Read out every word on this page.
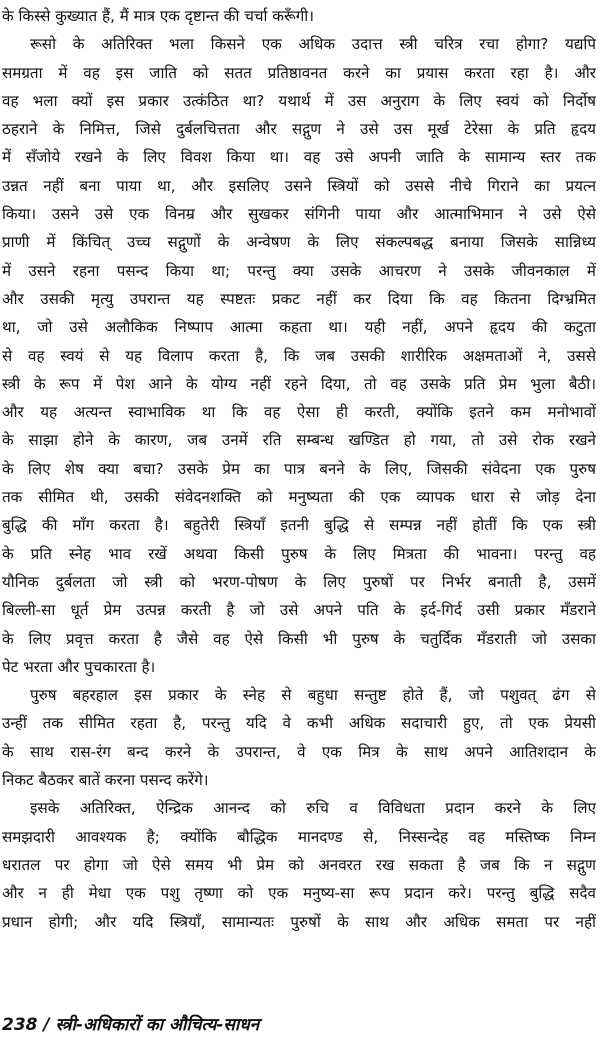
के किस्से कुख्यात हैं, मैं मात्र एक दृष्टान्त की चर्चा करूँगी।
रूसो के अतिरिक्त भला किसने एक अधिक उदात्त स्त्री चरित्र रचा होगा? यद्यपि
समग्रता में वह इस जाति को सतत प्रतिष्ठावनत करने का प्रयास करता रहा है। और
वह भला क्यों इस प्रकार उत्कंठित था? यथार्थ में उस अनुराग के लिए स्वयं को निर्दोष
ठहराने के निमित्त, जिसे दुर्बलचित्तता और सद्गुण ने उसे उस मूर्ख टेरेसा के प्रति हृदय
में सँजोये रखने के लिए विवश किया था। वह उसे अपनी जाति के सामान्य स्तर तक
उन्नत नहीं बना पाया था, और इसलिए उसने स्त्रियों को उससे नीचे गिराने का प्रयत्न
किया। उसने उसे एक विनम्र और सुखकर संगिनी पाया और आत्माभिमान ने उसे ऐसे
प्राणी में किंचित् उच्च सद्गुणों के अन्वेषण के लिए संकल्पबद्ध बनाया जिसके सान्निध्य
में उसने रहना पसन्द किया था; परन्तु क्या उसके आचरण ने उसके जीवनकाल में
और उसकी मृत्यु उपरान्त यह स्पष्टतः प्रकट नहीं कर दिया कि वह कितना दिग्भ्रमित
था, जो उसे अलौकिक निष्पाप आत्मा कहता था। यही नहीं, अपने हृदय की कटुता
से वह स्वयं से यह विलाप करता है, कि जब उसकी शारीरिक अक्षमताओं ने, उससे
स्त्री के रूप में पेश आने के योग्य नहीं रहने दिया, तो वह उसके प्रति प्रेम भुला बैठी।
और यह अत्यन्त स्वाभाविक था कि वह ऐसा ही करती, क्योंकि इतने कम मनोभावों
के साझा होने के कारण, जब उनमें रति सम्बन्ध खण्डित हो गया, तो उसे रोक रखने
के लिए शेष क्या बचा? उसके प्रेम का पात्र बनने के लिए, जिसकी संवेदना एक पुरुष
तक सीमित थी, उसकी संवेदनशक्ति को मनुष्यता की एक व्यापक धारा से जोड़ देना
बुद्धि की माँग करता है। बहुतेरी स्त्रियाँ इतनी बुद्धि से सम्पन्न नहीं होतीं कि एक स्त्री
के प्रति स्नेह भाव रखें अथवा किसी पुरुष के लिए मित्रता की भावना। परन्तु वह
यौनिक दुर्बलता जो स्त्री को भरण-पोषण के लिए पुरुषों पर निर्भर बनाती है, उसमें
बिल्ली-सा धूर्त प्रेम उत्पन्न करती है जो उसे अपने पति के इर्द-गिर्द उसी प्रकार मँडराने
के लिए प्रवृत्त करता है जैसे वह ऐसे किसी भी पुरुष के चतुर्दिक मँडराती जो उसका
पेट भरता और पुचकारता है।
पुरुष बहरहाल इस प्रकार के स्नेह से बहुधा सन्तुष्ट होते हैं, जो पशुवत् ढंग से
उन्हीं तक सीमित रहता है, परन्तु यदि वे कभी अधिक सदाचारी हुए, तो एक प्रेयसी
के साथ रास-रंग बन्द करने के उपरान्त, वे एक मित्र के साथ अपने आतिशदान के
निकट बैठकर बातें करना पसन्द करेंगे।
इसके अतिरिक्त, ऐन्द्रिक आनन्द को रुचि व विविधता प्रदान करने के लिए
समझदारी आवश्यक है; क्योंकि बौद्धिक मानदण्ड से, निस्सन्देह वह मस्तिष्क निम्न
धरातल पर होगा जो ऐसे समय भी प्रेम को अनवरत रख सकता है जब कि न सद्गुण
और न ही मेधा एक पशु तृष्णा को एक मनुष्य-सा रूप प्रदान करे। परन्तु बुद्धि सदैव
प्रधान होगी; और यदि स्त्रियाँ, सामान्यतः पुरुषों के साथ और अधिक समता पर नहीं
238 / स्त्री-अधिकारों का औचित्य-साधन
